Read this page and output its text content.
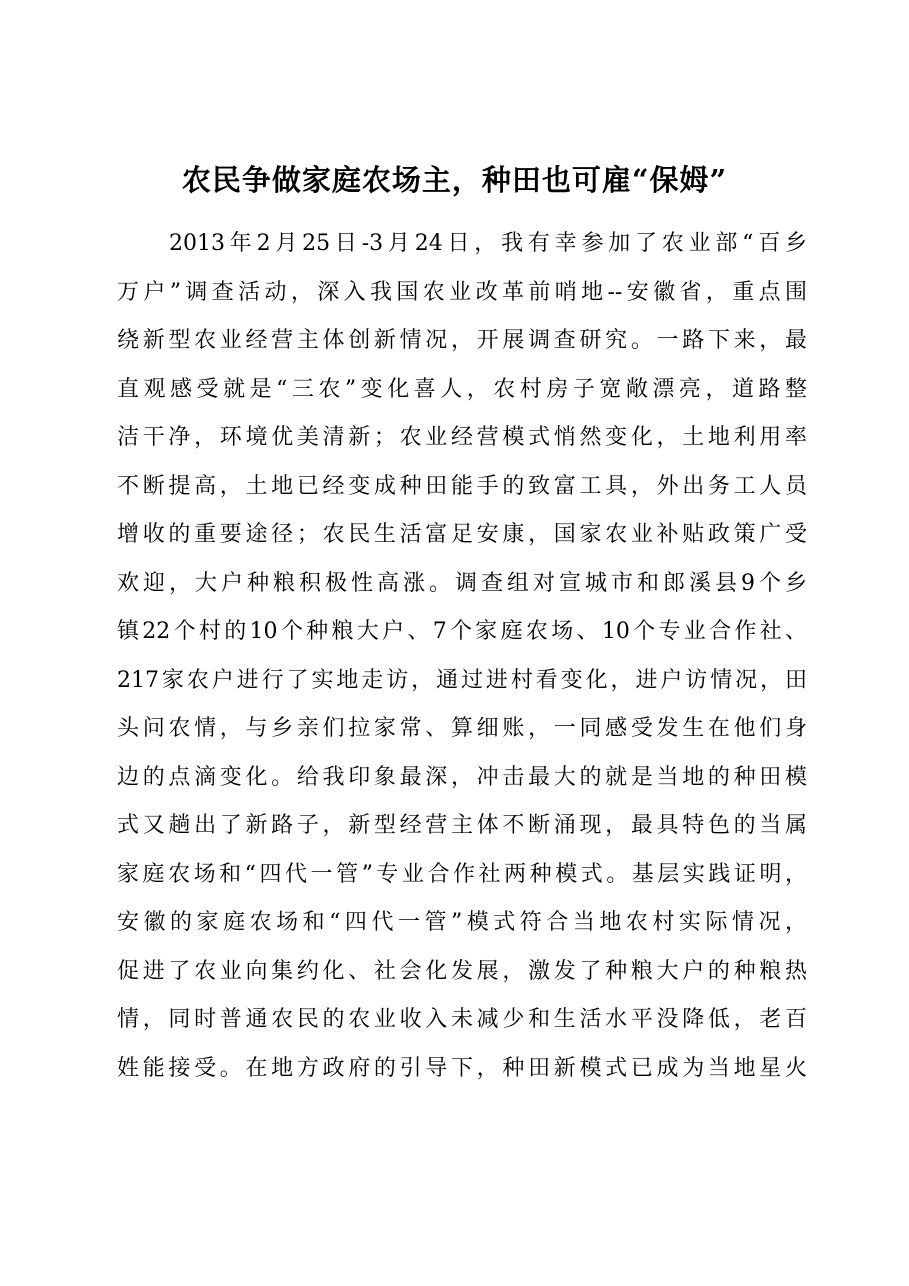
农民争做家庭农场主，种田也可雇“保姆”
2013年2月25日-3月24日，我有幸参加了农业部“百乡
万户”调查活动，深入我国农业改革前哨地--安徽省，重点围
绕新型农业经营主体创新情况，开展调查研究。一路下来，最
直观感受就是“三农”变化喜人，农村房子宽敞漂亮，道路整
洁干净，环境优美清新；农业经营模式悄然变化，土地利用率
不断提高，土地已经变成种田能手的致富工具，外出务工人员
增收的重要途径；农民生活富足安康，国家农业补贴政策广受
欢迎，大户种粮积极性高涨。调查组对宣城市和郎溪县9个乡
镇22个村的10个种粮大户、7个家庭农场、10个专业合作社、
217家农户进行了实地走访，通过进村看变化，进户访情况，田
头问农情，与乡亲们拉家常、算细账，一同感受发生在他们身
边的点滴变化。给我印象最深，冲击最大的就是当地的种田模
式又趟出了新路子，新型经营主体不断涌现，最具特色的当属
家庭农场和“四代一管”专业合作社两种模式。基层实践证明，
安徽的家庭农场和“四代一管”模式符合当地农村实际情况，
促进了农业向集约化、社会化发展，激发了种粮大户的种粮热
情，同时普通农民的农业收入未减少和生活水平没降低，老百
姓能接受。在地方政府的引导下，种田新模式已成为当地星火
